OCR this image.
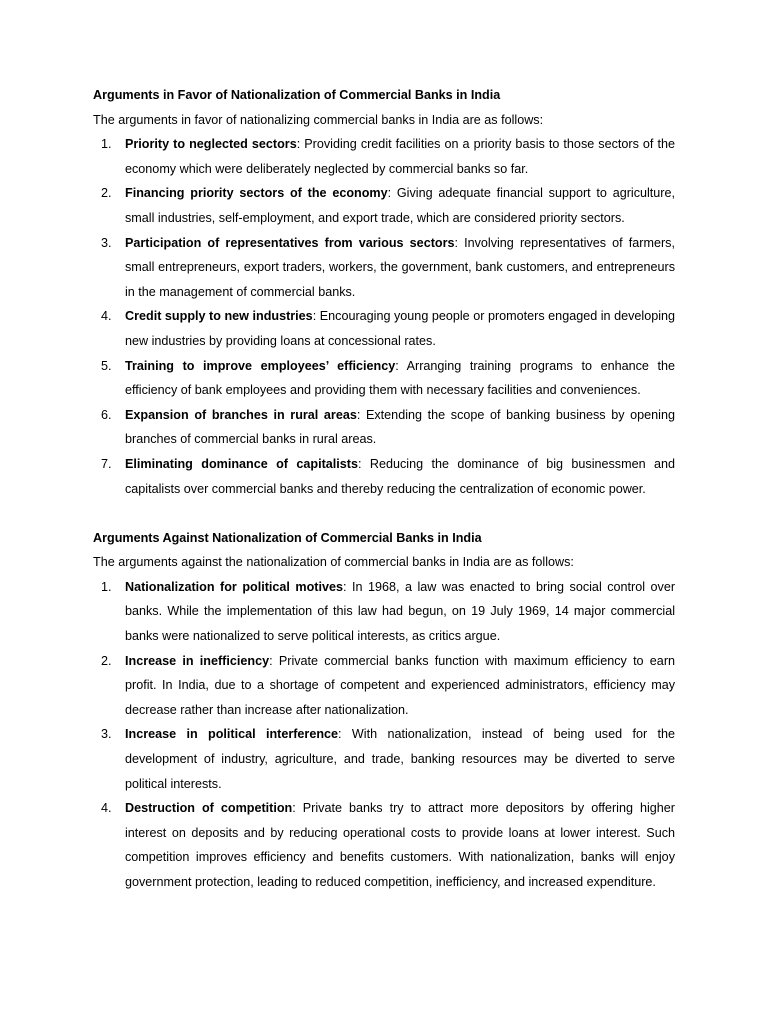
Arguments in Favor of Nationalization of Commercial Banks in India

The arguments in favor of nationalizing commercial banks in India are as follows:

1. Priority to neglected sectors: Providing credit facilities on a priority basis to those sectors of the economy which were deliberately neglected by commercial banks so far.
2. Financing priority sectors of the economy: Giving adequate financial support to agriculture, small industries, self-employment, and export trade, which are considered priority sectors.
3. Participation of representatives from various sectors: Involving representatives of farmers, small entrepreneurs, export traders, workers, the government, bank customers, and entrepreneurs in the management of commercial banks.
4. Credit supply to new industries: Encouraging young people or promoters engaged in developing new industries by providing loans at concessional rates.
5. Training to improve employees’ efficiency: Arranging training programs to enhance the efficiency of bank employees and providing them with necessary facilities and conveniences.
6. Expansion of branches in rural areas: Extending the scope of banking business by opening branches of commercial banks in rural areas.
7. Eliminating dominance of capitalists: Reducing the dominance of big businessmen and capitalists over commercial banks and thereby reducing the centralization of economic power.

Arguments Against Nationalization of Commercial Banks in India

The arguments against the nationalization of commercial banks in India are as follows:

1. Nationalization for political motives: In 1968, a law was enacted to bring social control over banks. While the implementation of this law had begun, on 19 July 1969, 14 major commercial banks were nationalized to serve political interests, as critics argue.
2. Increase in inefficiency: Private commercial banks function with maximum efficiency to earn profit. In India, due to a shortage of competent and experienced administrators, efficiency may decrease rather than increase after nationalization.
3. Increase in political interference: With nationalization, instead of being used for the development of industry, agriculture, and trade, banking resources may be diverted to serve political interests.
4. Destruction of competition: Private banks try to attract more depositors by offering higher interest on deposits and by reducing operational costs to provide loans at lower interest. Such competition improves efficiency and benefits customers. With nationalization, banks will enjoy government protection, leading to reduced competition, inefficiency, and increased expenditure.
